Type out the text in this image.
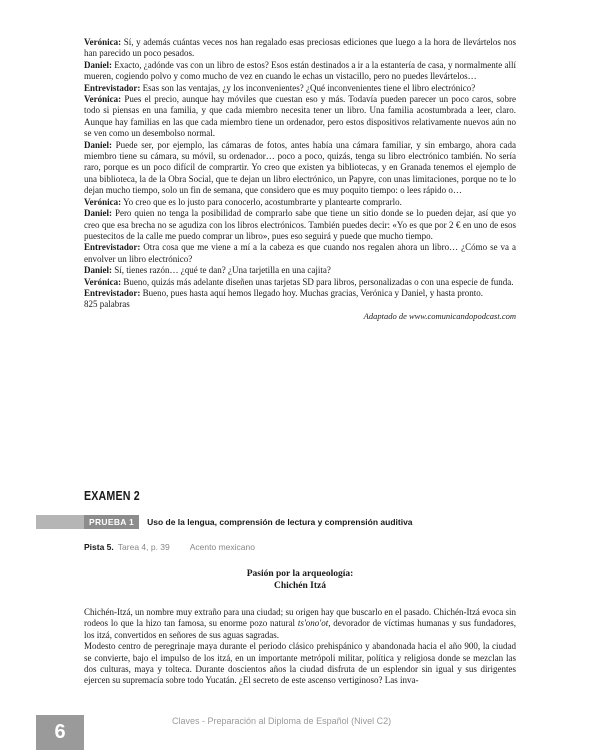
Verónica: Sí, y además cuántas veces nos han regalado esas preciosas ediciones que luego a la hora de llevártelos nos han parecido un poco pesados.

Daniel: Exacto, ¿adónde vas con un libro de estos? Esos están destinados a ir a la estantería de casa, y normalmente allí mueren, cogiendo polvo y como mucho de vez en cuando le echas un vistacillo, pero no puedes llevártelos…

Entrevistador: Esas son las ventajas, ¿y los inconvenientes? ¿Qué inconvenientes tiene el libro electrónico?

Verónica: Pues el precio, aunque hay móviles que cuestan eso y más. Todavía pueden parecer un poco caros, sobre todo si piensas en una familia, y que cada miembro necesita tener un libro. Una familia acostumbrada a leer, claro. Aunque hay familias en las que cada miembro tiene un ordenador, pero estos dispositivos relativamente nuevos aún no se ven como un desembolso normal.

Daniel: Puede ser, por ejemplo, las cámaras de fotos, antes había una cámara familiar, y sin embargo, ahora cada miembro tiene su cámara, su móvil, su ordenador… poco a poco, quizás, tenga su libro electrónico también. No sería raro, porque es un poco difícil de comprartir. Yo creo que existen ya bibliotecas, y en Granada tenemos el ejemplo de una biblioteca, la de la Obra Social, que te dejan un libro electrónico, un Papyre, con unas limitaciones, porque no te lo dejan mucho tiempo, solo un fin de semana, que considero que es muy poquito tiempo: o lees rápido o…

Verónica: Yo creo que es lo justo para conocerlo, acostumbrarte y plantearte comprarlo.

Daniel: Pero quien no tenga la posibilidad de comprarlo sabe que tiene un sitio donde se lo pueden dejar, así que yo creo que esa brecha no se agudiza con los libros electrónicos. También puedes decir: «Yo es que por 2 € en uno de esos puestecitos de la calle me puedo comprar un libro», pues eso seguirá y puede que mucho tiempo.

Entrevistador: Otra cosa que me viene a mí a la cabeza es que cuando nos regalen ahora un libro… ¿Cómo se va a envolver un libro electrónico?

Daniel: Sí, tienes razón… ¿qué te dan? ¿Una tarjetilla en una cajita?

Verónica: Bueno, quizás más adelante diseñen unas tarjetas SD para libros, personalizadas o con una especie de funda.

Entrevistador: Bueno, pues hasta aquí hemos llegado hoy. Muchas gracias, Verónica y Daniel, y hasta pronto.

825 palabras

Adaptado de www.comunicandopodcast.com

EXAMEN 2
PRUEBA 1	Uso de la lengua, comprensión de lectura y comprensión auditiva
Pista 5. Tarea 4, p. 39 Acento mexicano

Pasión por la arqueología:

Chichén Itzá

Chichén-Itzá, un nombre muy extraño para una ciudad; su origen hay que buscarlo en el pasado. Chichén-Itzá evoca sin rodeos lo que la hizo tan famosa, su enorme pozo natural ts'ono'ot, devorador de víctimas humanas y sus fundadores, los itzá, convertidos en señores de sus aguas sagradas.

Modesto centro de peregrinaje maya durante el periodo clásico prehispánico y abandonada hacia el año 900, la ciudad se convierte, bajo el impulso de los itzá, en un importante metrópoli militar, política y religiosa donde se mezclan las dos culturas, maya y tolteca. Durante doscientos años la ciudad disfruta de un esplendor sin igual y sus dirigentes ejercen su supremacía sobre todo Yucatán. ¿El secreto de este ascenso vertiginoso? Las inva-

6	Claves - Preparación al Diploma de Español (Nivel C2)
